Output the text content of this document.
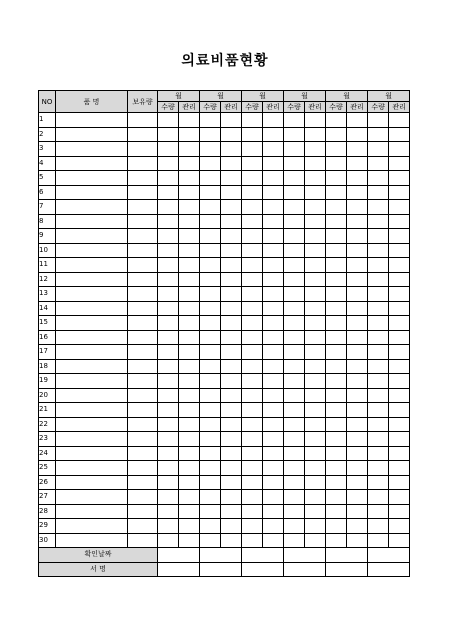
의료비품현황
NO	품 명	보유량	월		월		월		월		월		월	
			수량	관리	수량	관리	수량	관리	수량	관리	수량	관리	수량	관리
1														
2														
3														
4														
5														
6														
7														
8														
9														
10														
11														
12														
13														
14														
15														
16														
17														
18														
19														
20														
21														
22														
23														
24														
25														
26														
27														
28														
29														
30														
확인날짜														
서 명														
